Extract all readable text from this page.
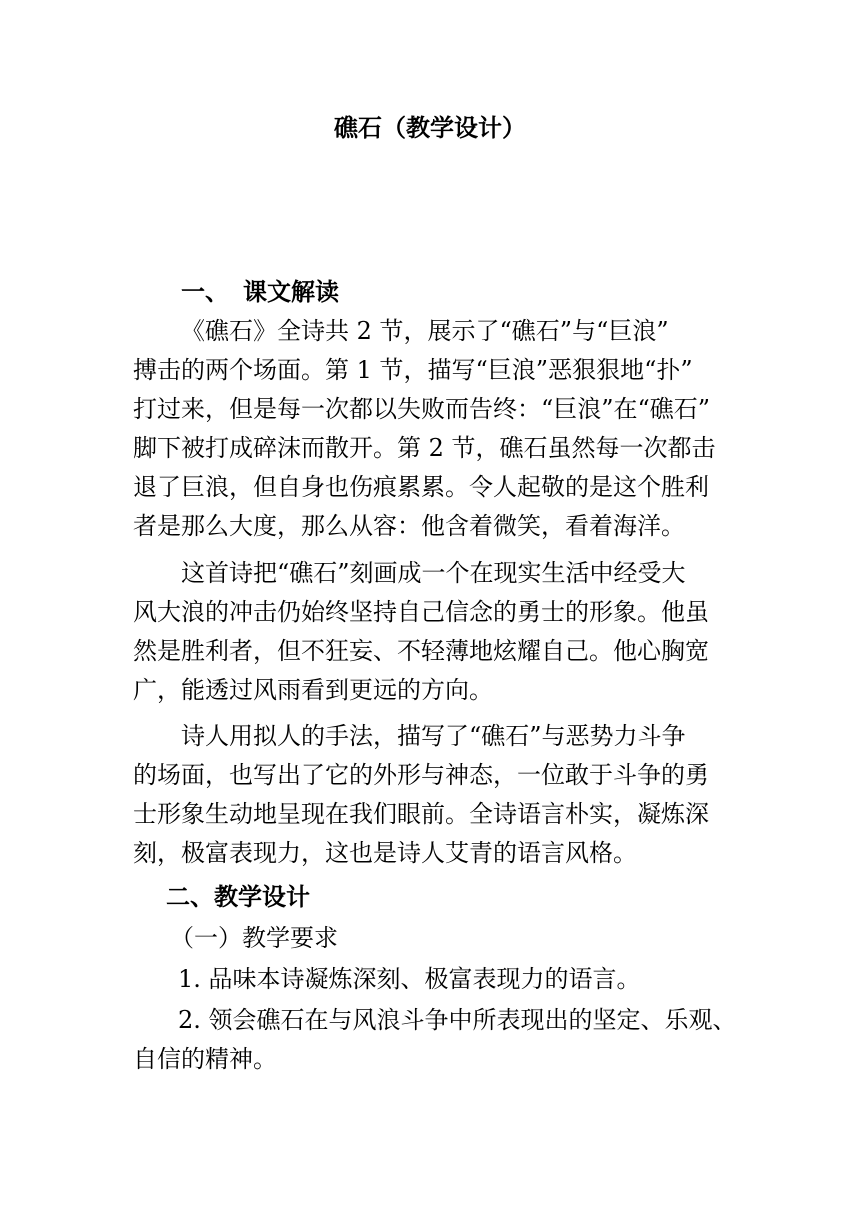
礁石（教学设计）
一、 课文解读
《礁石》全诗共 2 节，展示了“礁石”与“巨浪”
搏击的两个场面。第 1 节，描写“巨浪”恶狠狠地“扑”
打过来，但是每一次都以失败而告终：“巨浪”在“礁石”
脚下被打成碎沫而散开。第 2 节，礁石虽然每一次都击
退了巨浪，但自身也伤痕累累。令人起敬的是这个胜利
者是那么大度，那么从容：他含着微笑，看着海洋。
这首诗把“礁石”刻画成一个在现实生活中经受大
风大浪的冲击仍始终坚持自己信念的勇士的形象。他虽
然是胜利者，但不狂妄、不轻薄地炫耀自己。他心胸宽
广，能透过风雨看到更远的方向。
诗人用拟人的手法，描写了“礁石”与恶势力斗争
的场面，也写出了它的外形与神态，一位敢于斗争的勇
士形象生动地呈现在我们眼前。全诗语言朴实，凝炼深
刻，极富表现力，这也是诗人艾青的语言风格。
二、教学设计
（一）教学要求
1. 品味本诗凝炼深刻、极富表现力的语言。
2. 领会礁石在与风浪斗争中所表现出的坚定、乐观、
自信的精神。
